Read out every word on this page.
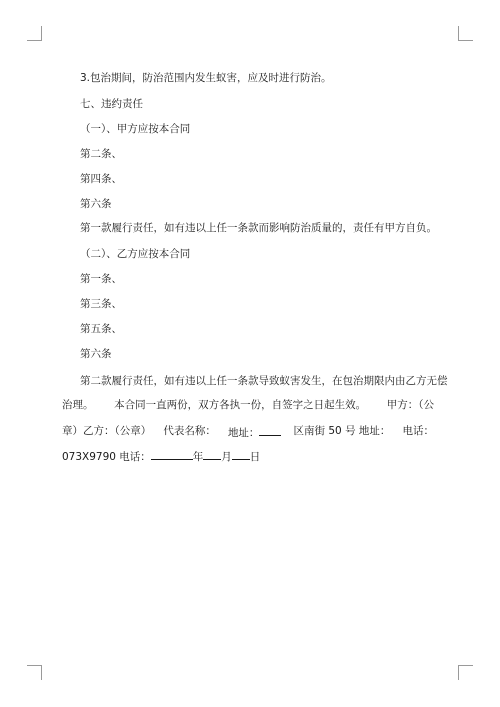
3.包治期间，防治范围内发生蚁害，应及时进行防治。
七、违约责任
（一）、甲方应按本合同
第二条、
第四条、
第六条
第一款履行责任，如有违以上任一条款而影响防治质量的，责任有甲方自负。
（二）、乙方应按本合同
第一条、
第三条、
第五条、
第六条
第二款履行责任，如有违以上任一条款导致蚁害发生，在包治期限内由乙方无偿
治理。 本合同一直两份，双方各执一份，自签字之日起生效。 甲方：（公
章）乙方：（公章） 代表名称： 地址：	区南街 50 号 地址： 电话：
073X9790 电话：	年 月 日
